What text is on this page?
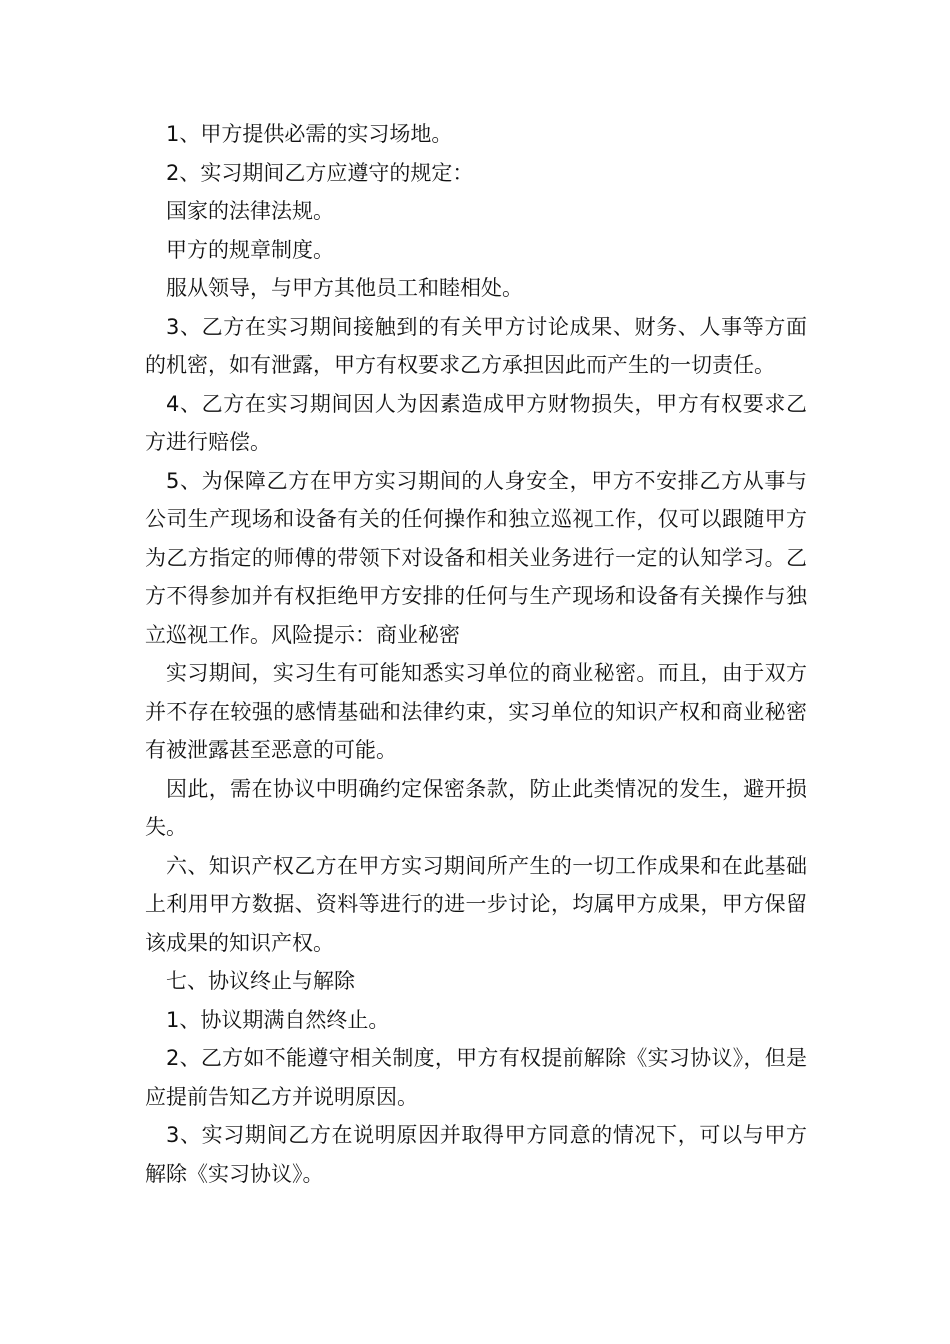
1、甲方提供必需的实习场地。

2、实习期间乙方应遵守的规定：

国家的法律法规。

甲方的规章制度。

服从领导，与甲方其他员工和睦相处。

3、乙方在实习期间接触到的有关甲方讨论成果、财务、人事等方面的机密，如有泄露，甲方有权要求乙方承担因此而产生的一切责任。

4、乙方在实习期间因人为因素造成甲方财物损失，甲方有权要求乙方进行赔偿。

5、为保障乙方在甲方实习期间的人身安全，甲方不安排乙方从事与公司生产现场和设备有关的任何操作和独立巡视工作，仅可以跟随甲方为乙方指定的师傅的带领下对设备和相关业务进行一定的认知学习。乙方不得参加并有权拒绝甲方安排的任何与生产现场和设备有关操作与独立巡视工作。风险提示：商业秘密

实习期间，实习生有可能知悉实习单位的商业秘密。而且，由于双方并不存在较强的感情基础和法律约束，实习单位的知识产权和商业秘密有被泄露甚至恶意的可能。

因此，需在协议中明确约定保密条款，防止此类情况的发生，避开损失。

六、知识产权乙方在甲方实习期间所产生的一切工作成果和在此基础上利用甲方数据、资料等进行的进一步讨论，均属甲方成果，甲方保留该成果的知识产权。

七、协议终止与解除

1、协议期满自然终止。

2、乙方如不能遵守相关制度，甲方有权提前解除《实习协议》，但是应提前告知乙方并说明原因。

3、实习期间乙方在说明原因并取得甲方同意的情况下，可以与甲方解除《实习协议》。
